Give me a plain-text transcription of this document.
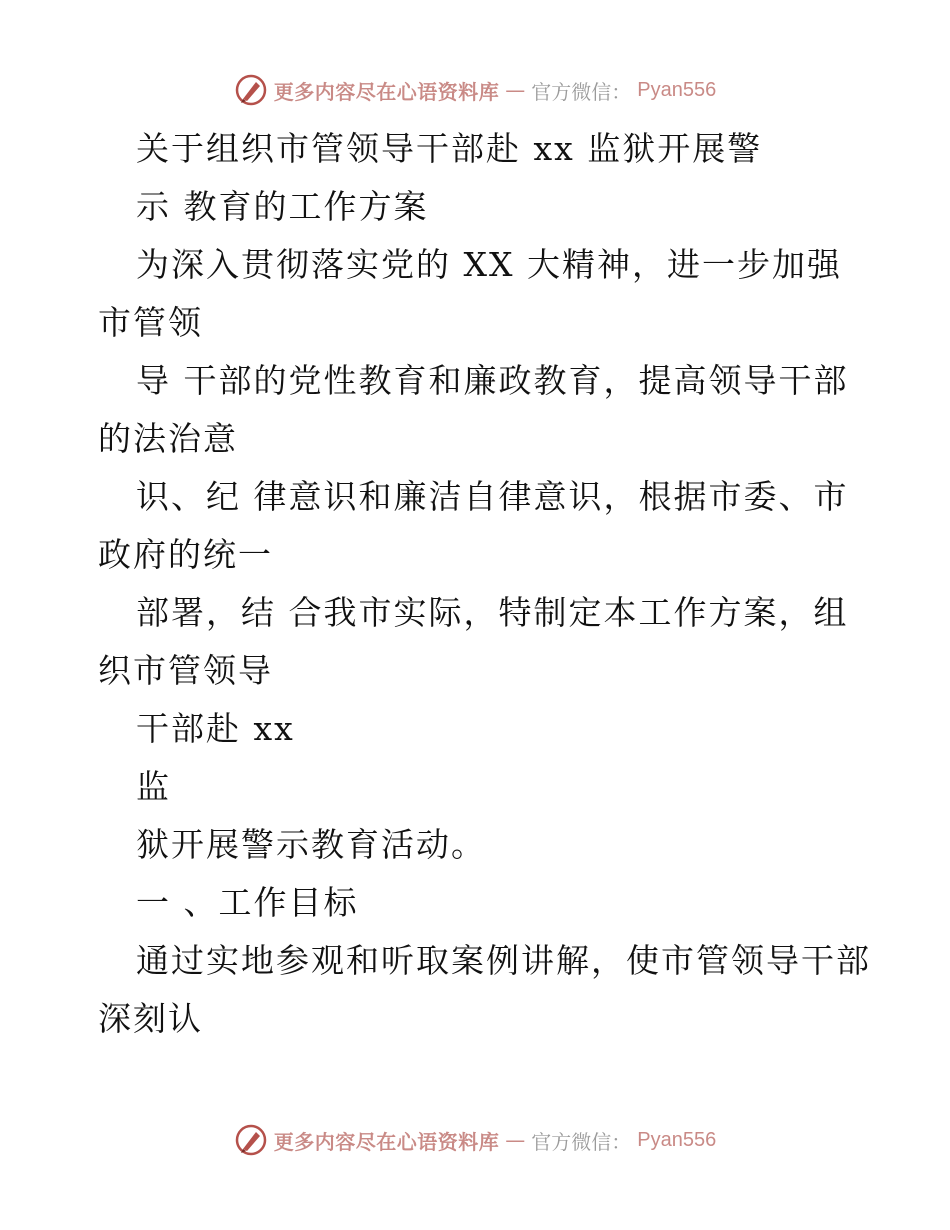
更多内容尽在心语资料库 — 官方微信： Pyan556
关于组织市管领导干部赴 xx 监狱开展警
示 教育的工作方案
为深入贯彻落实党的 XX 大精神，进一步加强
市管领
导 干部的党性教育和廉政教育，提高领导干部
的法治意
识、纪 律意识和廉洁自律意识，根据市委、市
政府的统一
部署，结 合我市实际，特制定本工作方案，组
织市管领导
干部赴 xx
监
狱开展警示教育活动。
一 、工作目标
通过实地参观和听取案例讲解，使市管领导干部
深刻认
更多内容尽在心语资料库 — 官方微信： Pyan556
